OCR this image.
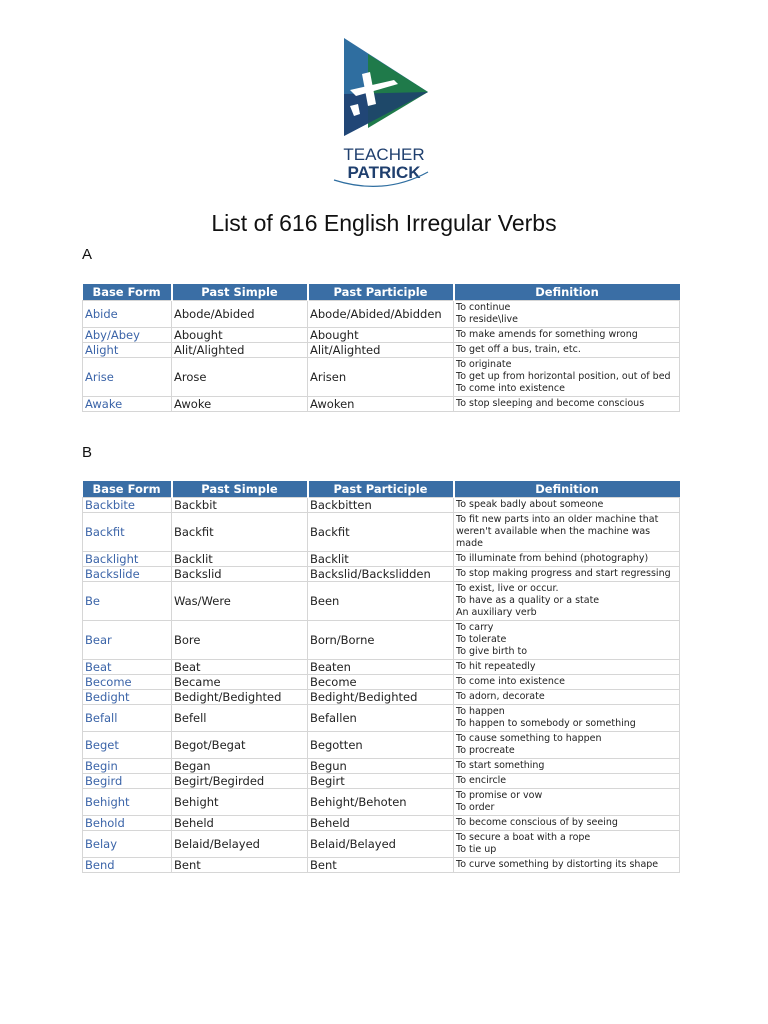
TEACHER
PATRICK
List of 616 English Irregular Verbs
A
Base Form	Past Simple	Past Participle	Definition
Abide	Abode/Abided	Abode/Abided/Abidden	To continue
To reside\live
Aby/Abey	Abought	Abought	To make amends for something wrong
Alight	Alit/Alighted	Alit/Alighted	To get off a bus, train, etc.
Arise	Arose	Arisen	To originate
To get up from horizontal position, out of bed
To come into existence
Awake	Awoke	Awoken	To stop sleeping and become conscious
B
Base Form	Past Simple	Past Participle	Definition
Backbite	Backbit	Backbitten	To speak badly about someone
Backfit	Backfit	Backfit	To fit new parts into an older machine that weren't available when the machine was made
Backlight	Backlit	Backlit	To illuminate from behind (photography)
Backslide	Backslid	Backslid/Backslidden	To stop making progress and start regressing
Be	Was/Were	Been	To exist, live or occur.
To have as a quality or a state
An auxiliary verb
Bear	Bore	Born/Borne	To carry
To tolerate
To give birth to
Beat	Beat	Beaten	To hit repeatedly
Become	Became	Become	To come into existence
Bedight	Bedight/Bedighted	Bedight/Bedighted	To adorn, decorate
Befall	Befell	Befallen	To happen
To happen to somebody or something
Beget	Begot/Begat	Begotten	To cause something to happen
To procreate
Begin	Began	Begun	To start something
Begird	Begirt/Begirded	Begirt	To encircle
Behight	Behight	Behight/Behoten	To promise or vow
To order
Behold	Beheld	Beheld	To become conscious of by seeing
Belay	Belaid/Belayed	Belaid/Belayed	To secure a boat with a rope
To tie up
Bend	Bent	Bent	To curve something by distorting its shape
